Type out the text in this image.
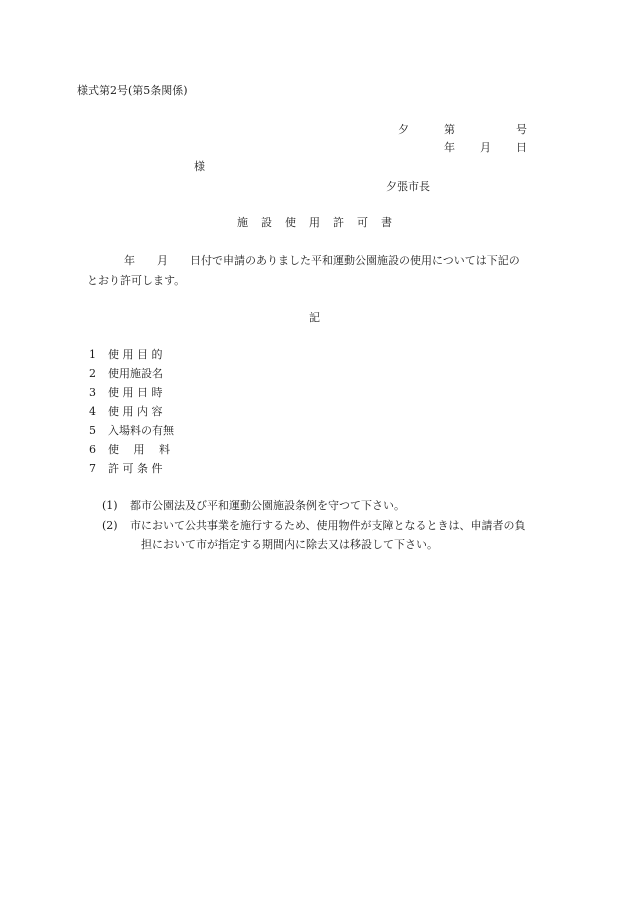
様式第2号(第5条関係)
夕	第	号
年 月 日
様
夕張市長
施 設 使 用 許 可 書
年　　月　　日付で申請のありました平和運動公園施設の使用については下記の
とおり許可します。
記
1	使 用 目 的
2	使用施設名
3	使 用 日 時
4	使 用 内 容
5	入場料の有無
6	使　 用　 料
7	許 可 条 件
(1) 都市公園法及び平和運動公園施設条例を守つて下さい。
(2) 市において公共事業を施行するため、使用物件が支障となるときは、申請者の負
担において市が指定する期間内に除去又は移設して下さい。
